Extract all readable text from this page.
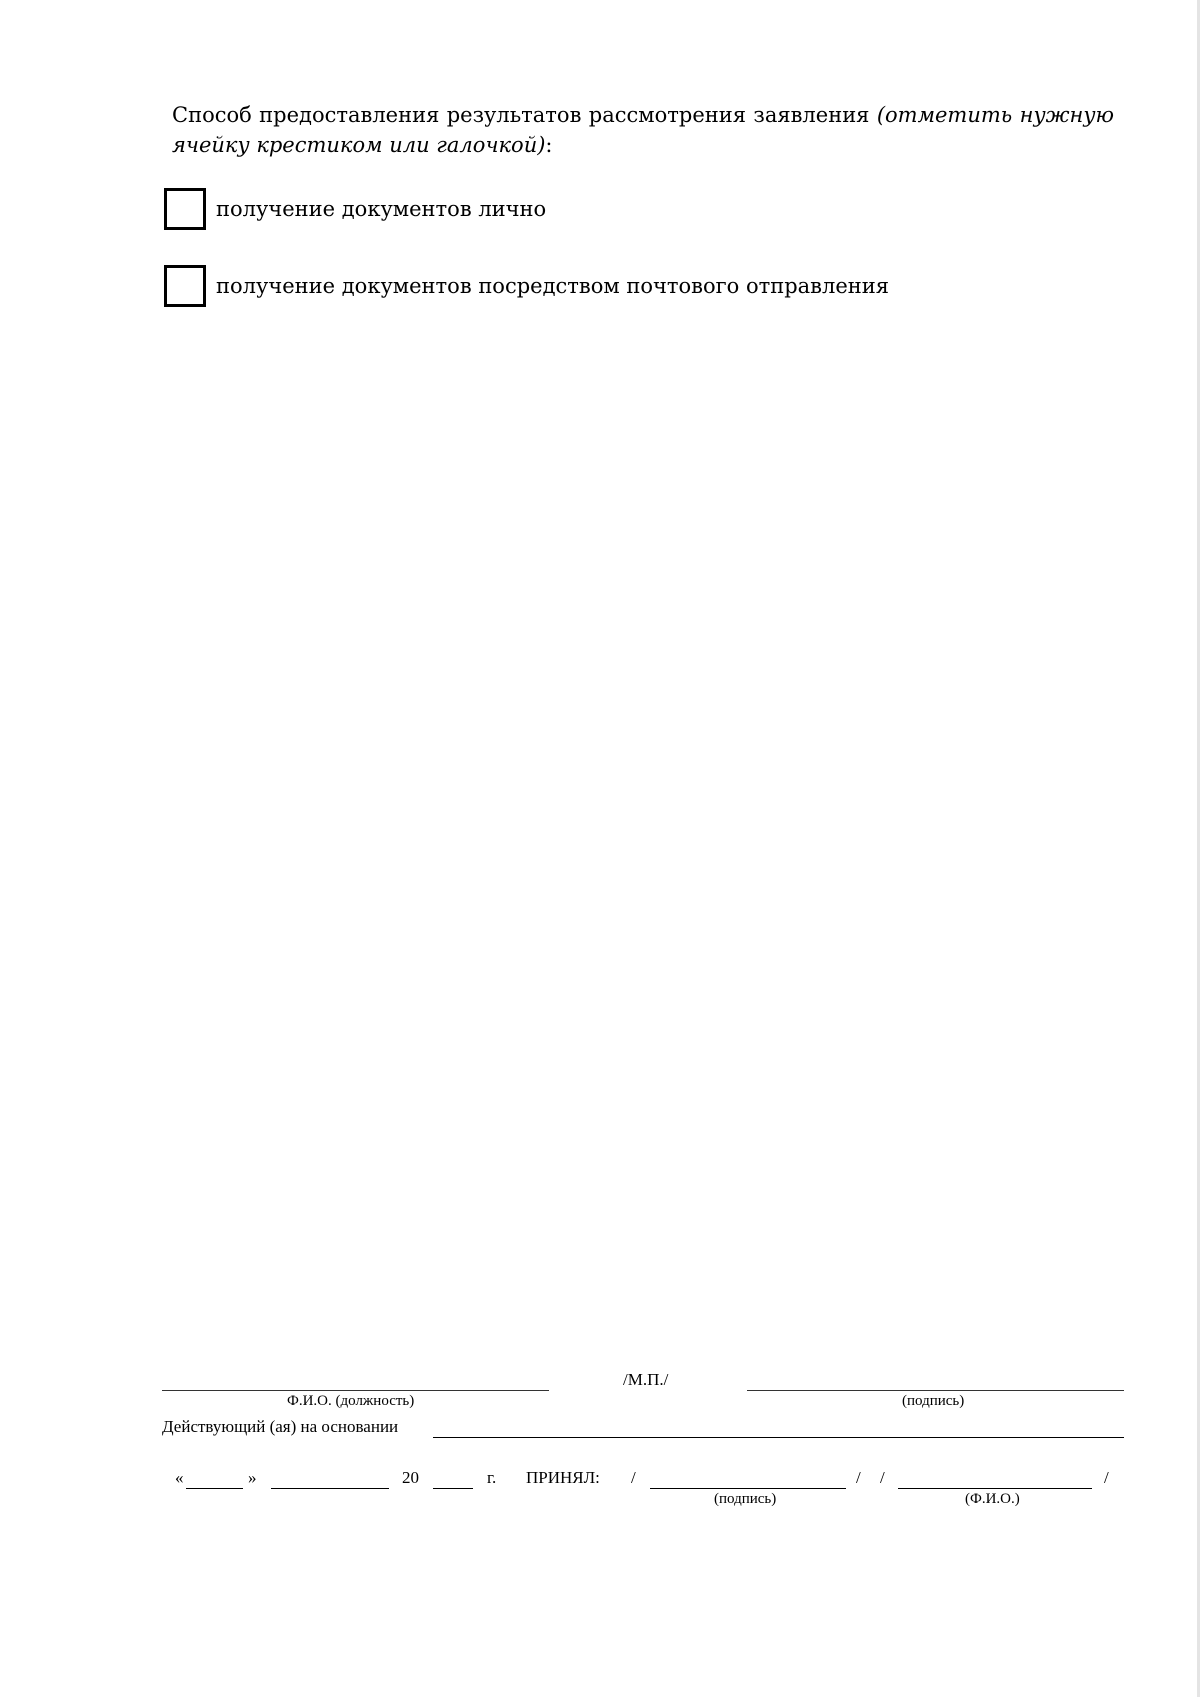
Способ предоставления результатов рассмотрения заявления (отметить нужную ячейку крестиком или галочкой):
получение документов лично
получение документов посредством почтового отправления
/М.П./
Ф.И.О. (должность)	(подпись)
Действующий (ая) на основании
«	»	20	г. ПРИНЯЛ: /	/ /	/
(подпись)	(Ф.И.О.)
